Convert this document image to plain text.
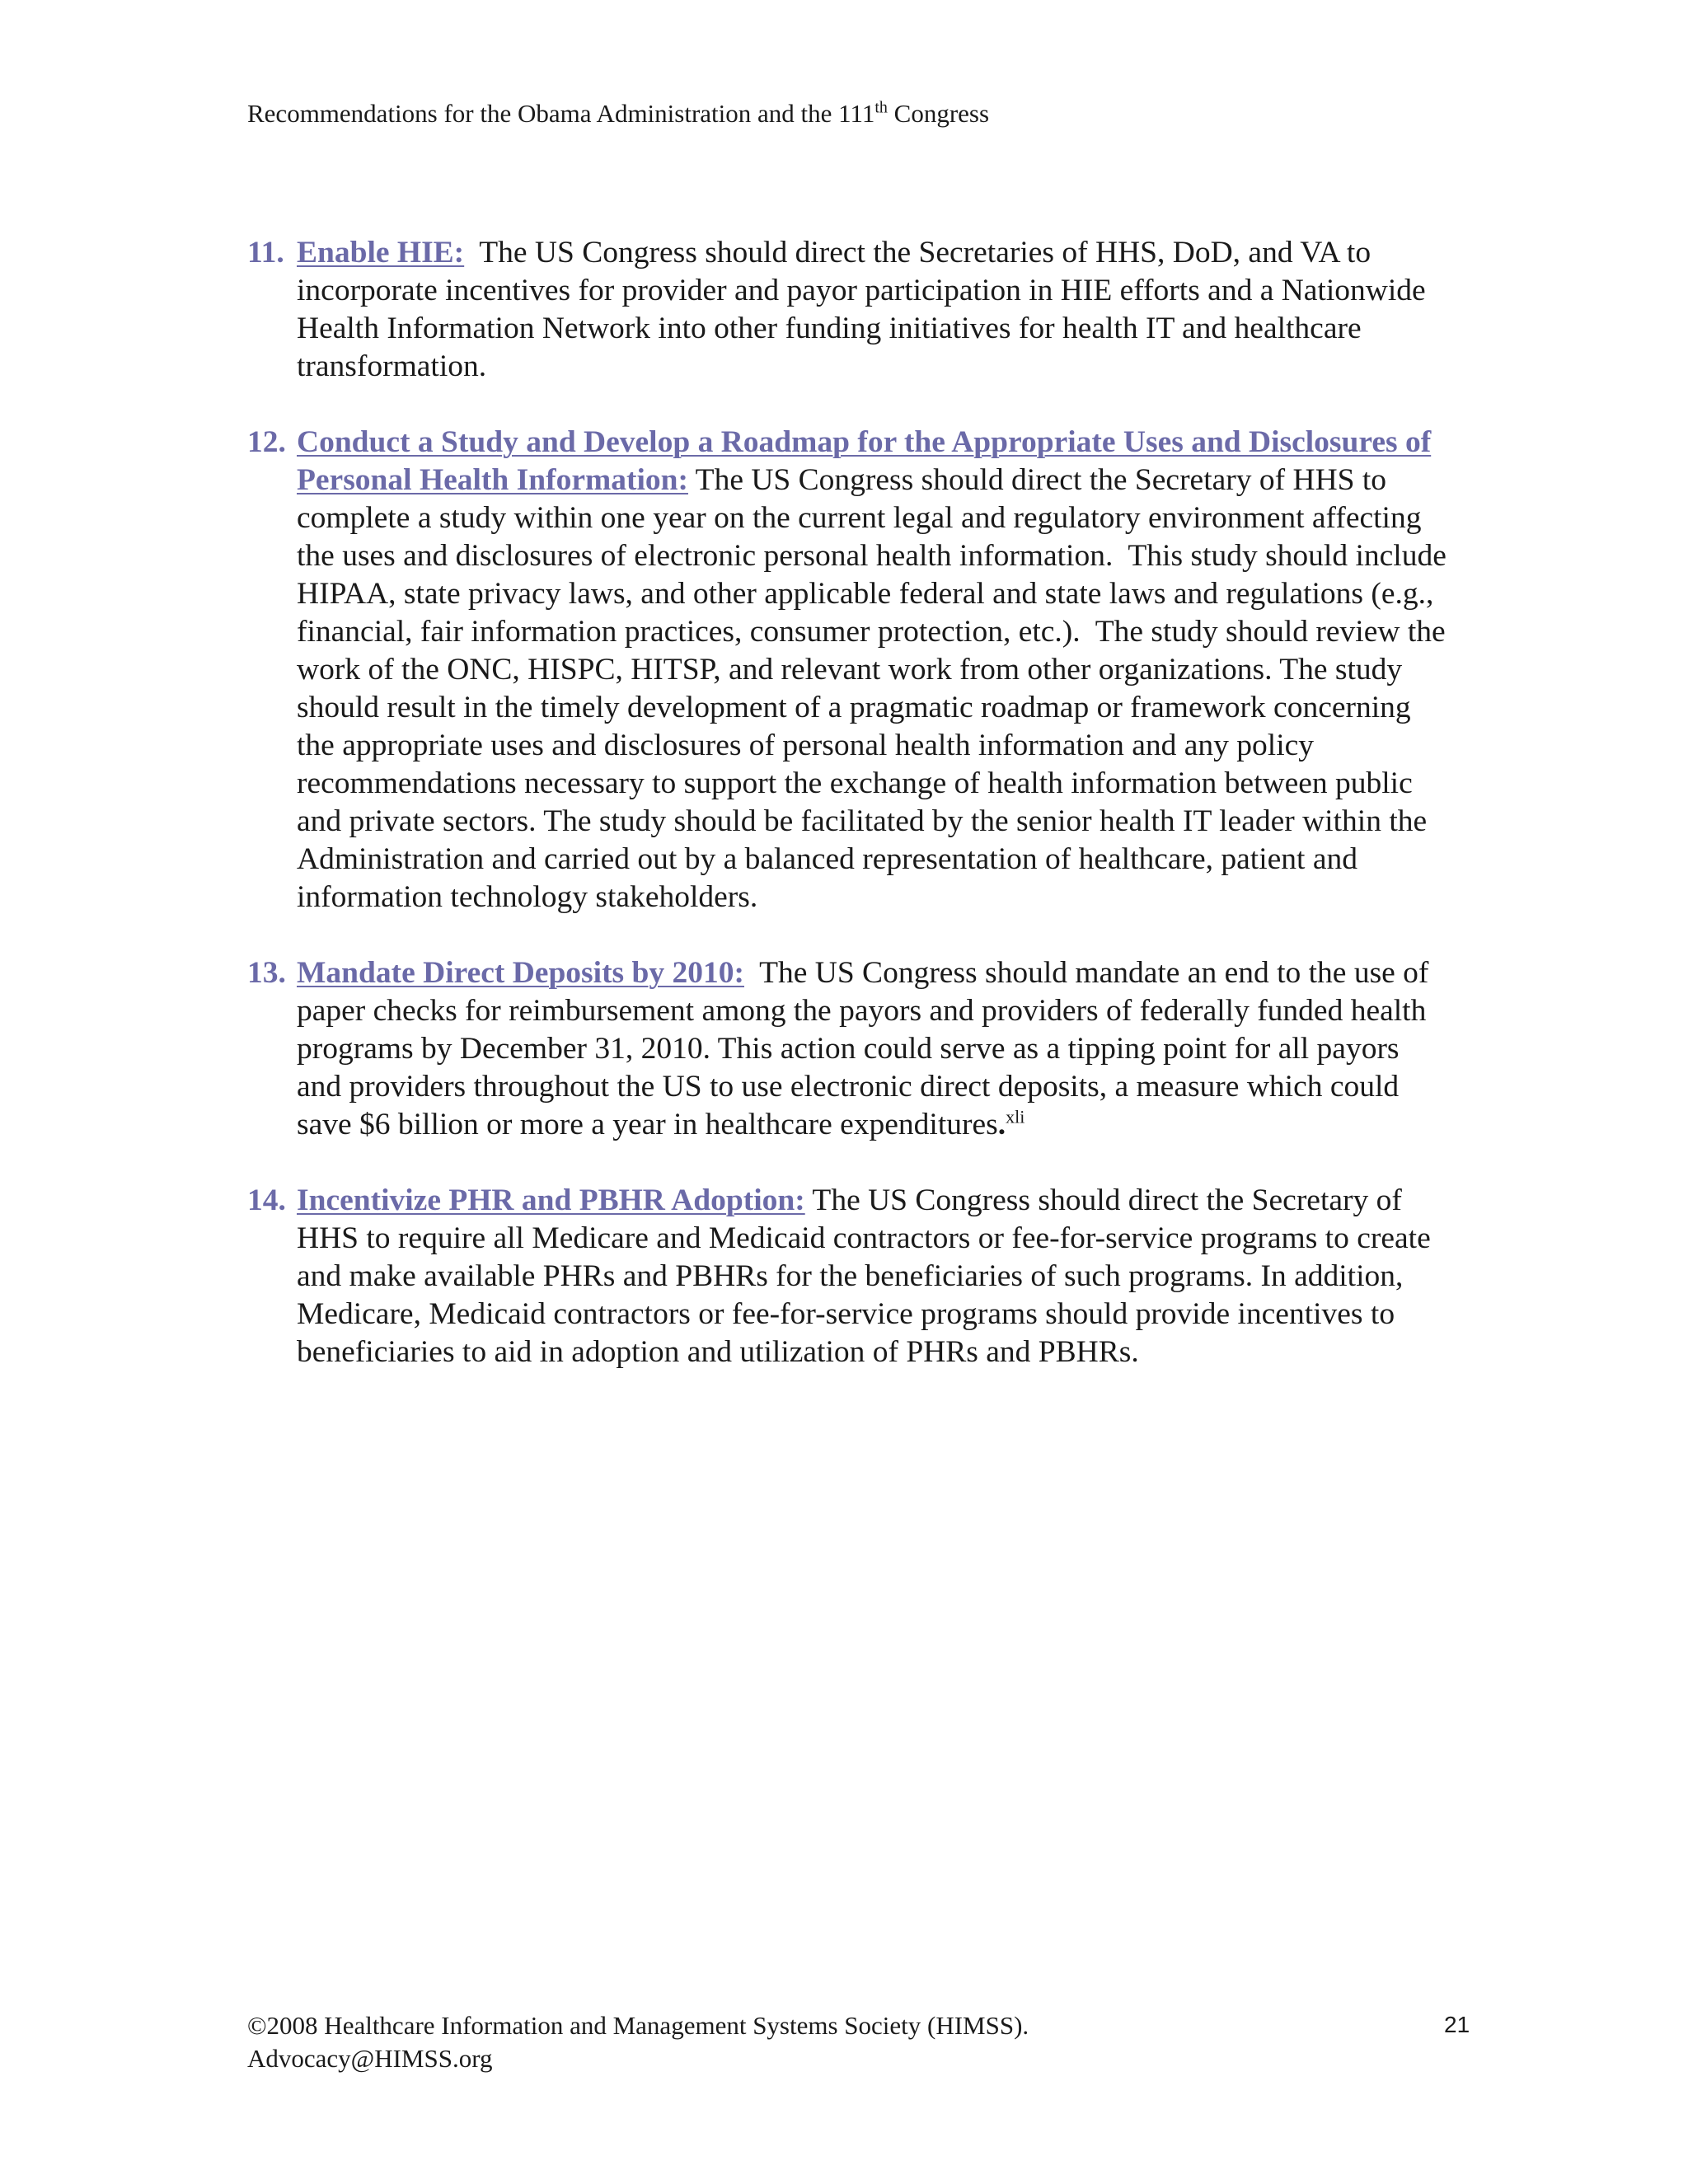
Recommendations for the Obama Administration and the 111th Congress
11. Enable HIE:  The US Congress should direct the Secretaries of HHS, DoD, and VA to incorporate incentives for provider and payor participation in HIE efforts and a Nationwide Health Information Network into other funding initiatives for health IT and healthcare transformation.
12. Conduct a Study and Develop a Roadmap for the Appropriate Uses and Disclosures of Personal Health Information: The US Congress should direct the Secretary of HHS to complete a study within one year on the current legal and regulatory environment affecting the uses and disclosures of electronic personal health information.  This study should include HIPAA, state privacy laws, and other applicable federal and state laws and regulations (e.g., financial, fair information practices, consumer protection, etc.).  The study should review the work of the ONC, HISPC, HITSP, and relevant work from other organizations. The study should result in the timely development of a pragmatic roadmap or framework concerning the appropriate uses and disclosures of personal health information and any policy recommendations necessary to support the exchange of health information between public and private sectors. The study should be facilitated by the senior health IT leader within the Administration and carried out by a balanced representation of healthcare, patient and information technology stakeholders.
13. Mandate Direct Deposits by 2010:  The US Congress should mandate an end to the use of paper checks for reimbursement among the payors and providers of federally funded health programs by December 31, 2010. This action could serve as a tipping point for all payors and providers throughout the US to use electronic direct deposits, a measure which could save $6 billion or more a year in healthcare expenditures.$^{xli}$
14. Incentivize PHR and PBHR Adoption: The US Congress should direct the Secretary of HHS to require all Medicare and Medicaid contractors or fee-for-service programs to create and make available PHRs and PBHRs for the beneficiaries of such programs. In addition, Medicare, Medicaid contractors or fee-for-service programs should provide incentives to beneficiaries to aid in adoption and utilization of PHRs and PBHRs.
©2008 Healthcare Information and Management Systems Society (HIMSS).
Advocacy@HIMSS.org
21
